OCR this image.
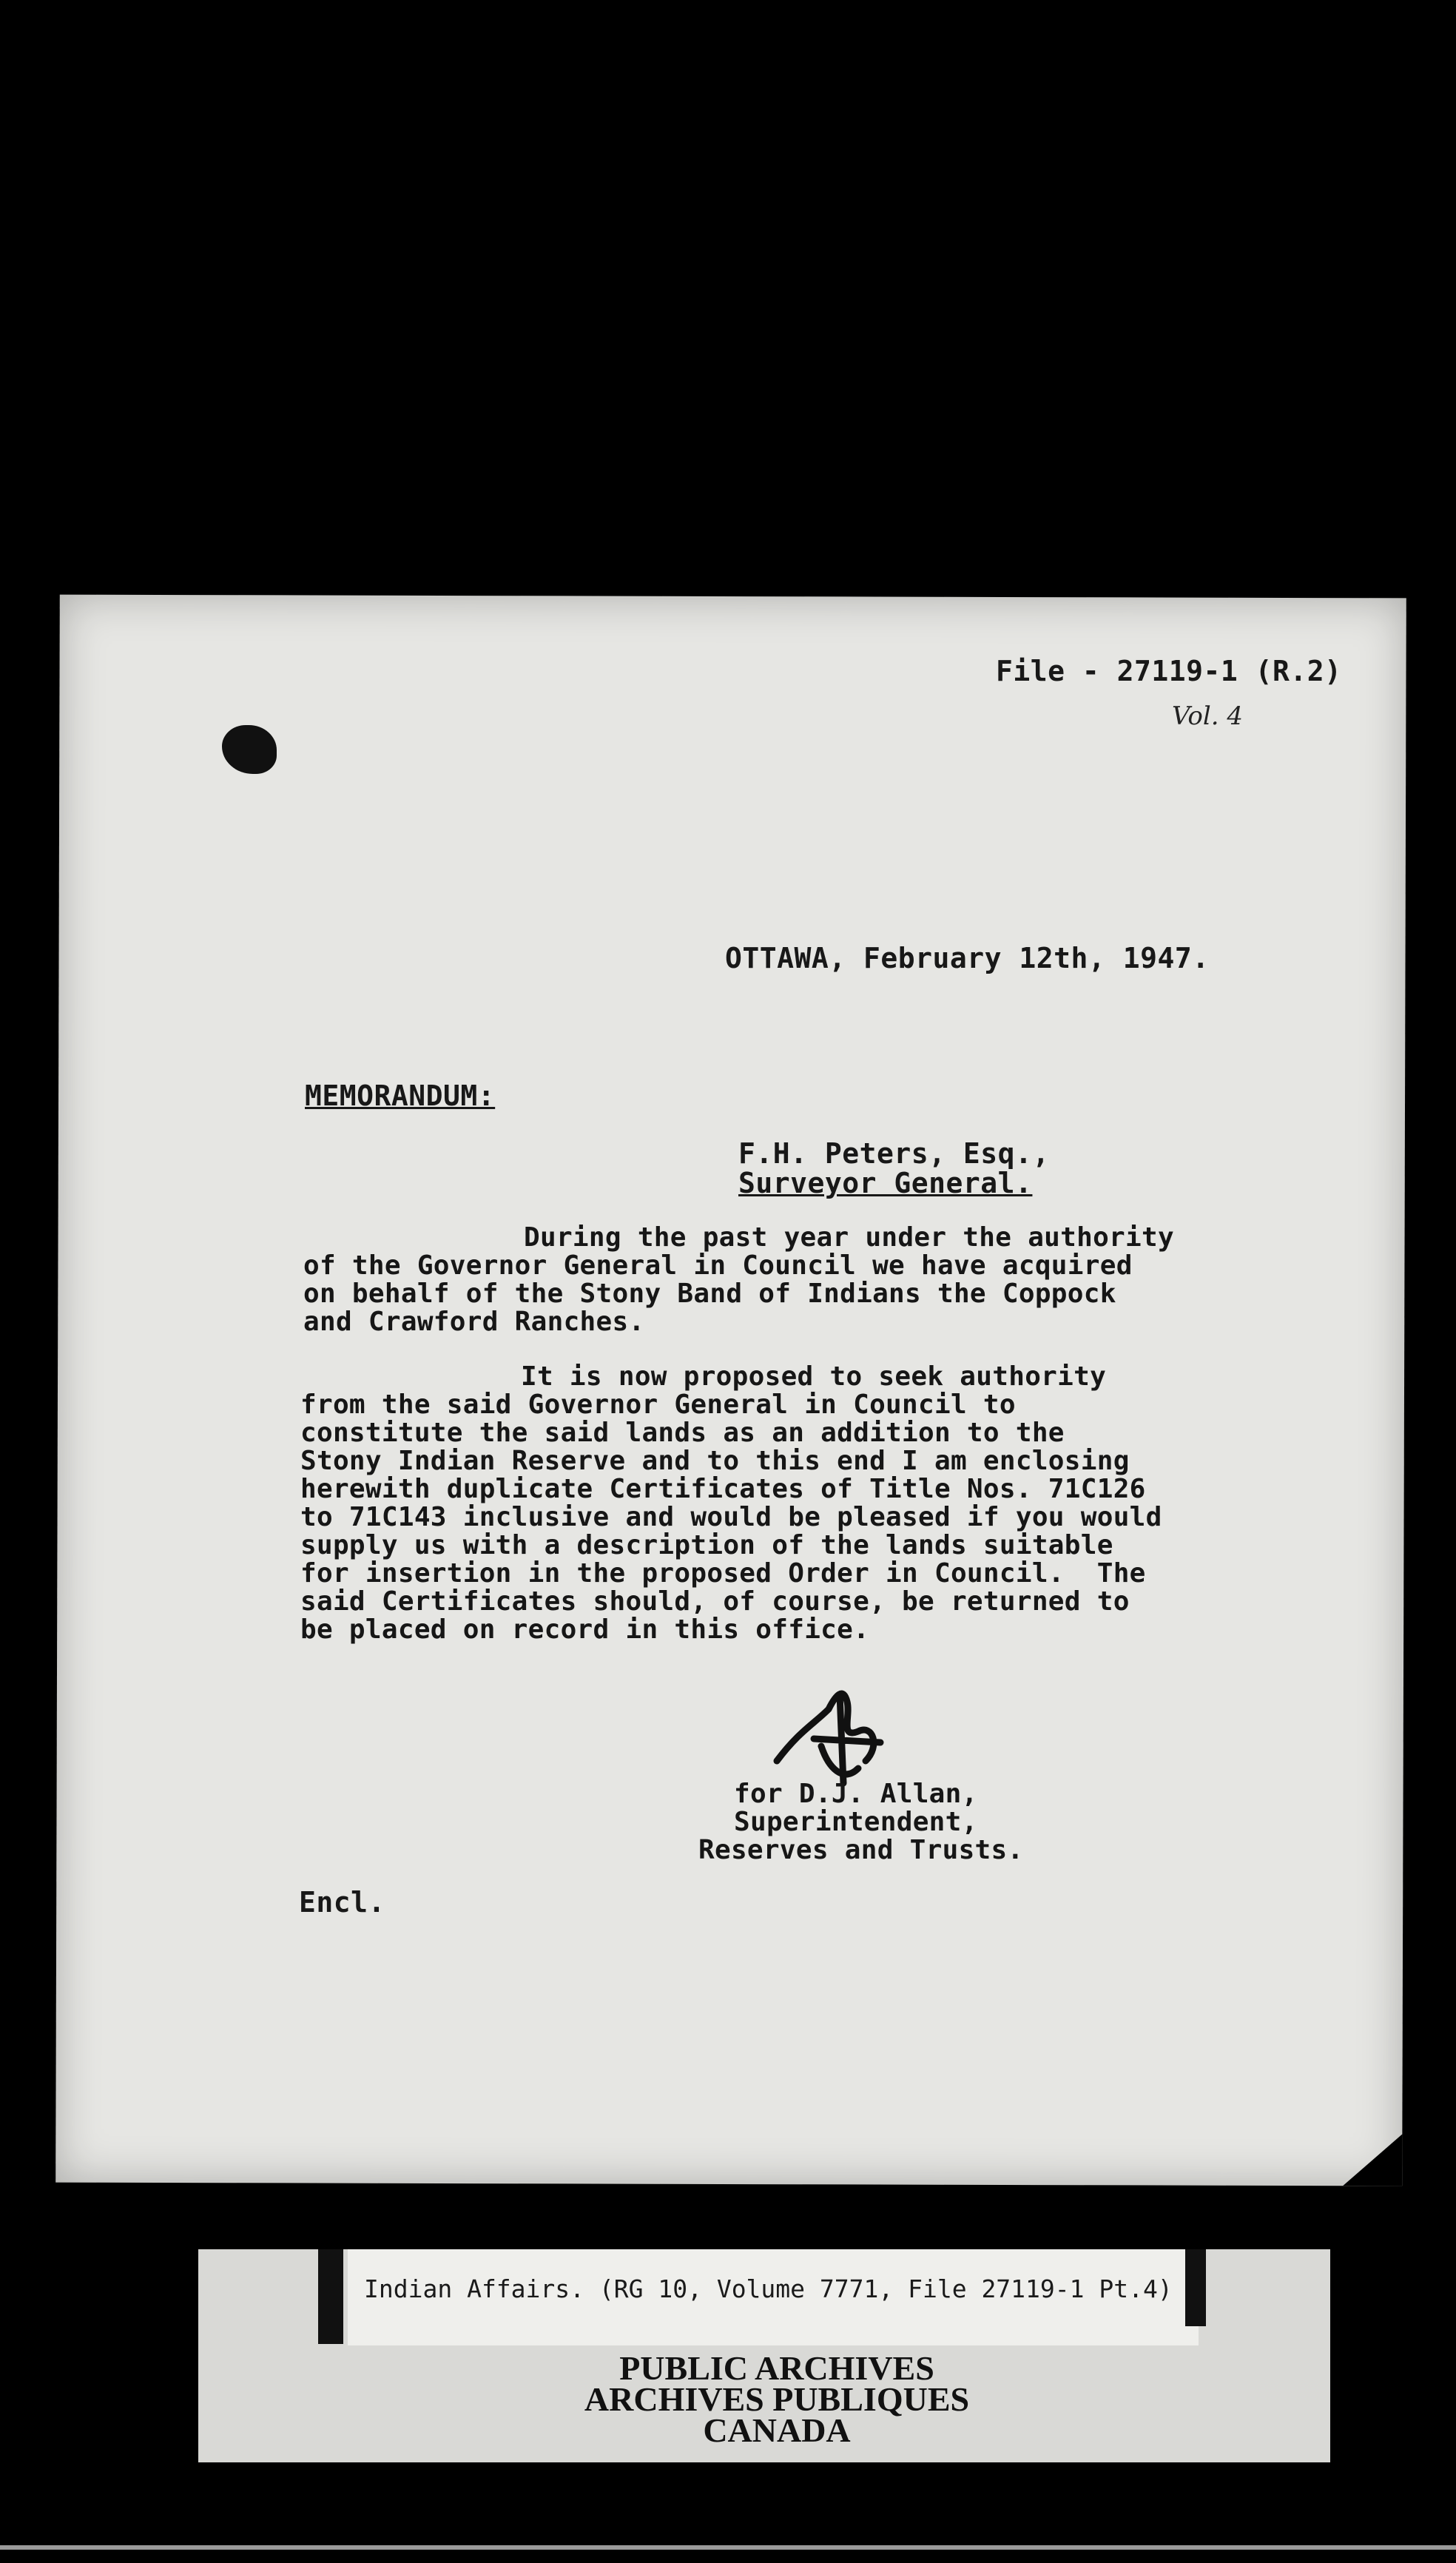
File - 27119-1 (R.2)
Vol. 4
OTTAWA, February 12th, 1947.
MEMORANDUM:
F.H. Peters, Esq.,
Surveyor General.
During the past year under the authority
of the Governor General in Council we have acquired
on behalf of the Stony Band of Indians the Coppock
and Crawford Ranches.
It is now proposed to seek authority
from the said Governor General in Council to
constitute the said lands as an addition to the
Stony Indian Reserve and to this end I am enclosing
herewith duplicate Certificates of Title Nos. 71C126
to 71C143 inclusive and would be pleased if you would
supply us with a description of the lands suitable
for insertion in the proposed Order in Council.  The
said Certificates should, of course, be returned to
be placed on record in this office.
for D.J. Allan,
Superintendent,
Reserves and Trusts.
Encl.
Indian Affairs. (RG 10, Volume 7771, File 27119-1 Pt.4)
PUBLIC ARCHIVES
ARCHIVES PUBLIQUES
CANADA
